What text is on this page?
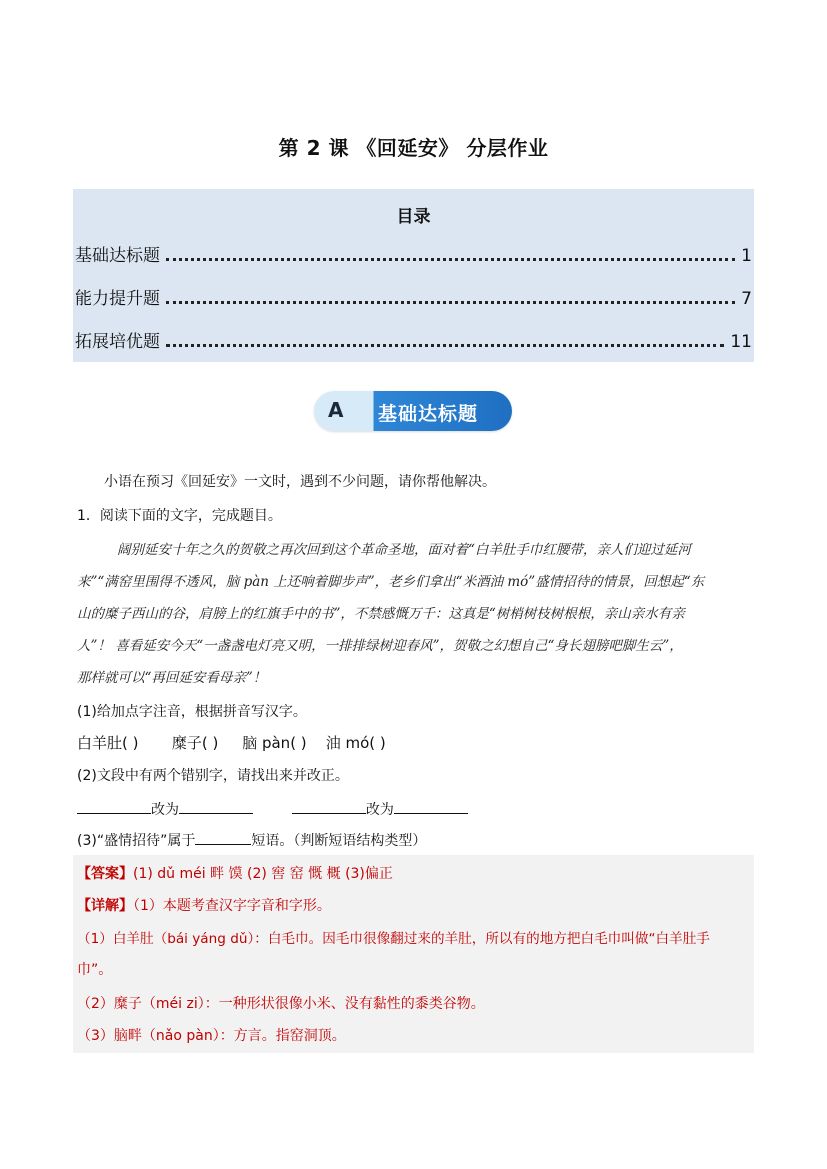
第 2 课 《回延安》 分层作业
目录
基础达标题	1
能力提升题	7
拓展培优题	11
A 基础达标题
小语在预习《回延安》一文时，遇到不少问题，请你帮他解决。
1．阅读下面的文字，完成题目。
阔别延安十年之久的贺敬之再次回到这个革命圣地，面对着“白羊肚手巾红腰带，亲人们迎过延河
来”“满窑里围得不透风，脑 pàn 上还响着脚步声”，老乡们拿出“米酒油 mó”盛情招待的情景，回想起“东
山的糜子西山的谷，肩膀上的红旗手中的书”，不禁感慨万千：这真是“树梢树枝树根根，亲山亲水有亲
人”！ 喜看延安今天“一盏盏电灯亮又明，一排排绿树迎春风”，贺敬之幻想自己“身长翅膀吧脚生云”，
那样就可以“再回延安看母亲”！
(1)给加点字注音，根据拼音写汉字。
白羊肚( ) 糜子( ) 脑 pàn( ) 油 mó( )
(2)文段中有两个错别字，请找出来并改正。
改为	改为
(3)“盛情招待”属于	短语。（判断短语结构类型）
【答案】(1) dǔ méi 畔 馍 (2) 窖 窑 慨 概 (3)偏正
【详解】（1）本题考查汉字字音和字形。
（1）白羊肚（bái yáng dǔ）：白毛巾。因毛巾很像翻过来的羊肚，所以有的地方把白毛巾叫做“白羊肚手
巾”。
（2）糜子（méi zi）：一种形状很像小米、没有黏性的黍类谷物。
（3）脑畔（nǎo pàn）：方言。指窑洞顶。
